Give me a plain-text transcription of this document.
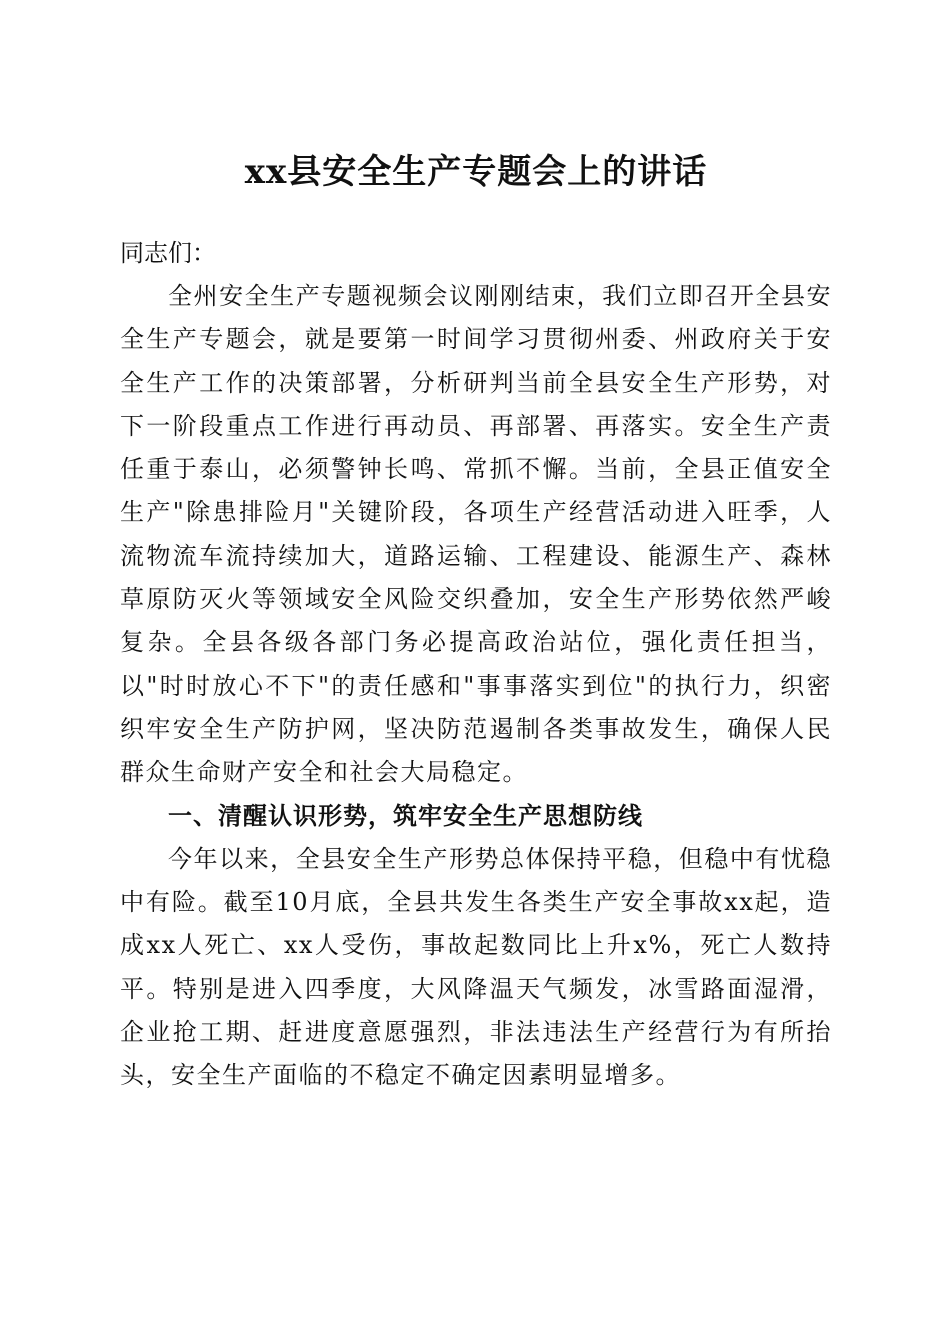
xx县安全生产专题会上的讲话

同志们：

全州安全生产专题视频会议刚刚结束，我们立即召开全县安全生产专题会，就是要第一时间学习贯彻州委、州政府关于安全生产工作的决策部署，分析研判当前全县安全生产形势，对下一阶段重点工作进行再动员、再部署、再落实。安全生产责任重于泰山，必须警钟长鸣、常抓不懈。当前，全县正值安全生产"除患排险月"关键阶段，各项生产经营活动进入旺季，人流物流车流持续加大，道路运输、工程建设、能源生产、森林草原防灭火等领域安全风险交织叠加，安全生产形势依然严峻复杂。全县各级各部门务必提高政治站位，强化责任担当，以"时时放心不下"的责任感和"事事落实到位"的执行力，织密织牢安全生产防护网，坚决防范遏制各类事故发生，确保人民群众生命财产安全和社会大局稳定。

一、清醒认识形势，筑牢安全生产思想防线

今年以来，全县安全生产形势总体保持平稳，但稳中有忧稳中有险。截至10月底，全县共发生各类生产安全事故xx起，造成xx人死亡、xx人受伤，事故起数同比上升x%，死亡人数持平。特别是进入四季度，大风降温天气频发，冰雪路面湿滑，企业抢工期、赶进度意愿强烈，非法违法生产经营行为有所抬头，安全生产面临的不稳定不确定因素明显增多。
